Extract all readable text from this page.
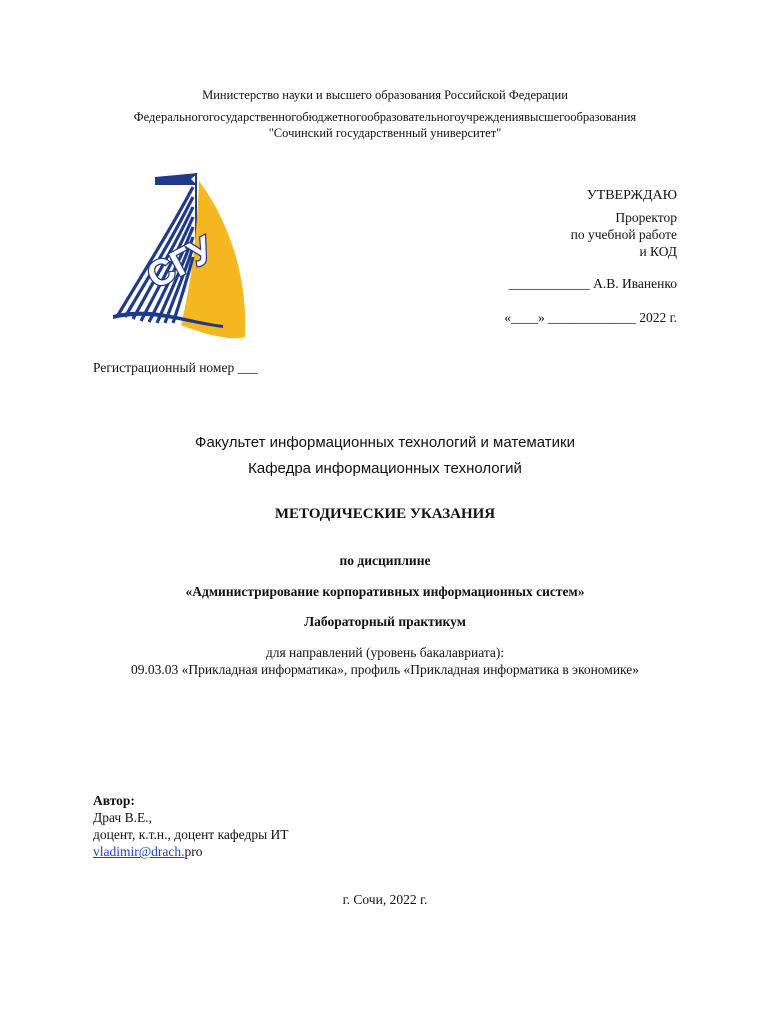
Министерство науки и высшего образования Российской Федерации
Федеральногогосударственногобюджетногообразовательногоучреждениявысшегообразования
"Сочинский государственный университет"
СГУ
УТВЕРЖДАЮ
Проректор
по учебной работе
и КОД
____________ А.В. Иваненко
«____» _____________ 2022 г.
Регистрационный номер ___
Факультет информационных технологий и математики
Кафедра информационных технологий
МЕТОДИЧЕСКИЕ УКАЗАНИЯ
по дисциплине
«Администрирование корпоративных информационных систем»
Лабораторный практикум
для направлений (уровень бакалавриата):
09.03.03 «Прикладная информатика», профиль «Прикладная информатика в экономике»
Автор:
Драч В.Е.,
доцент, к.т.н., доцент кафедры ИТ
vladimir@drach.pro
г. Сочи, 2022 г.
